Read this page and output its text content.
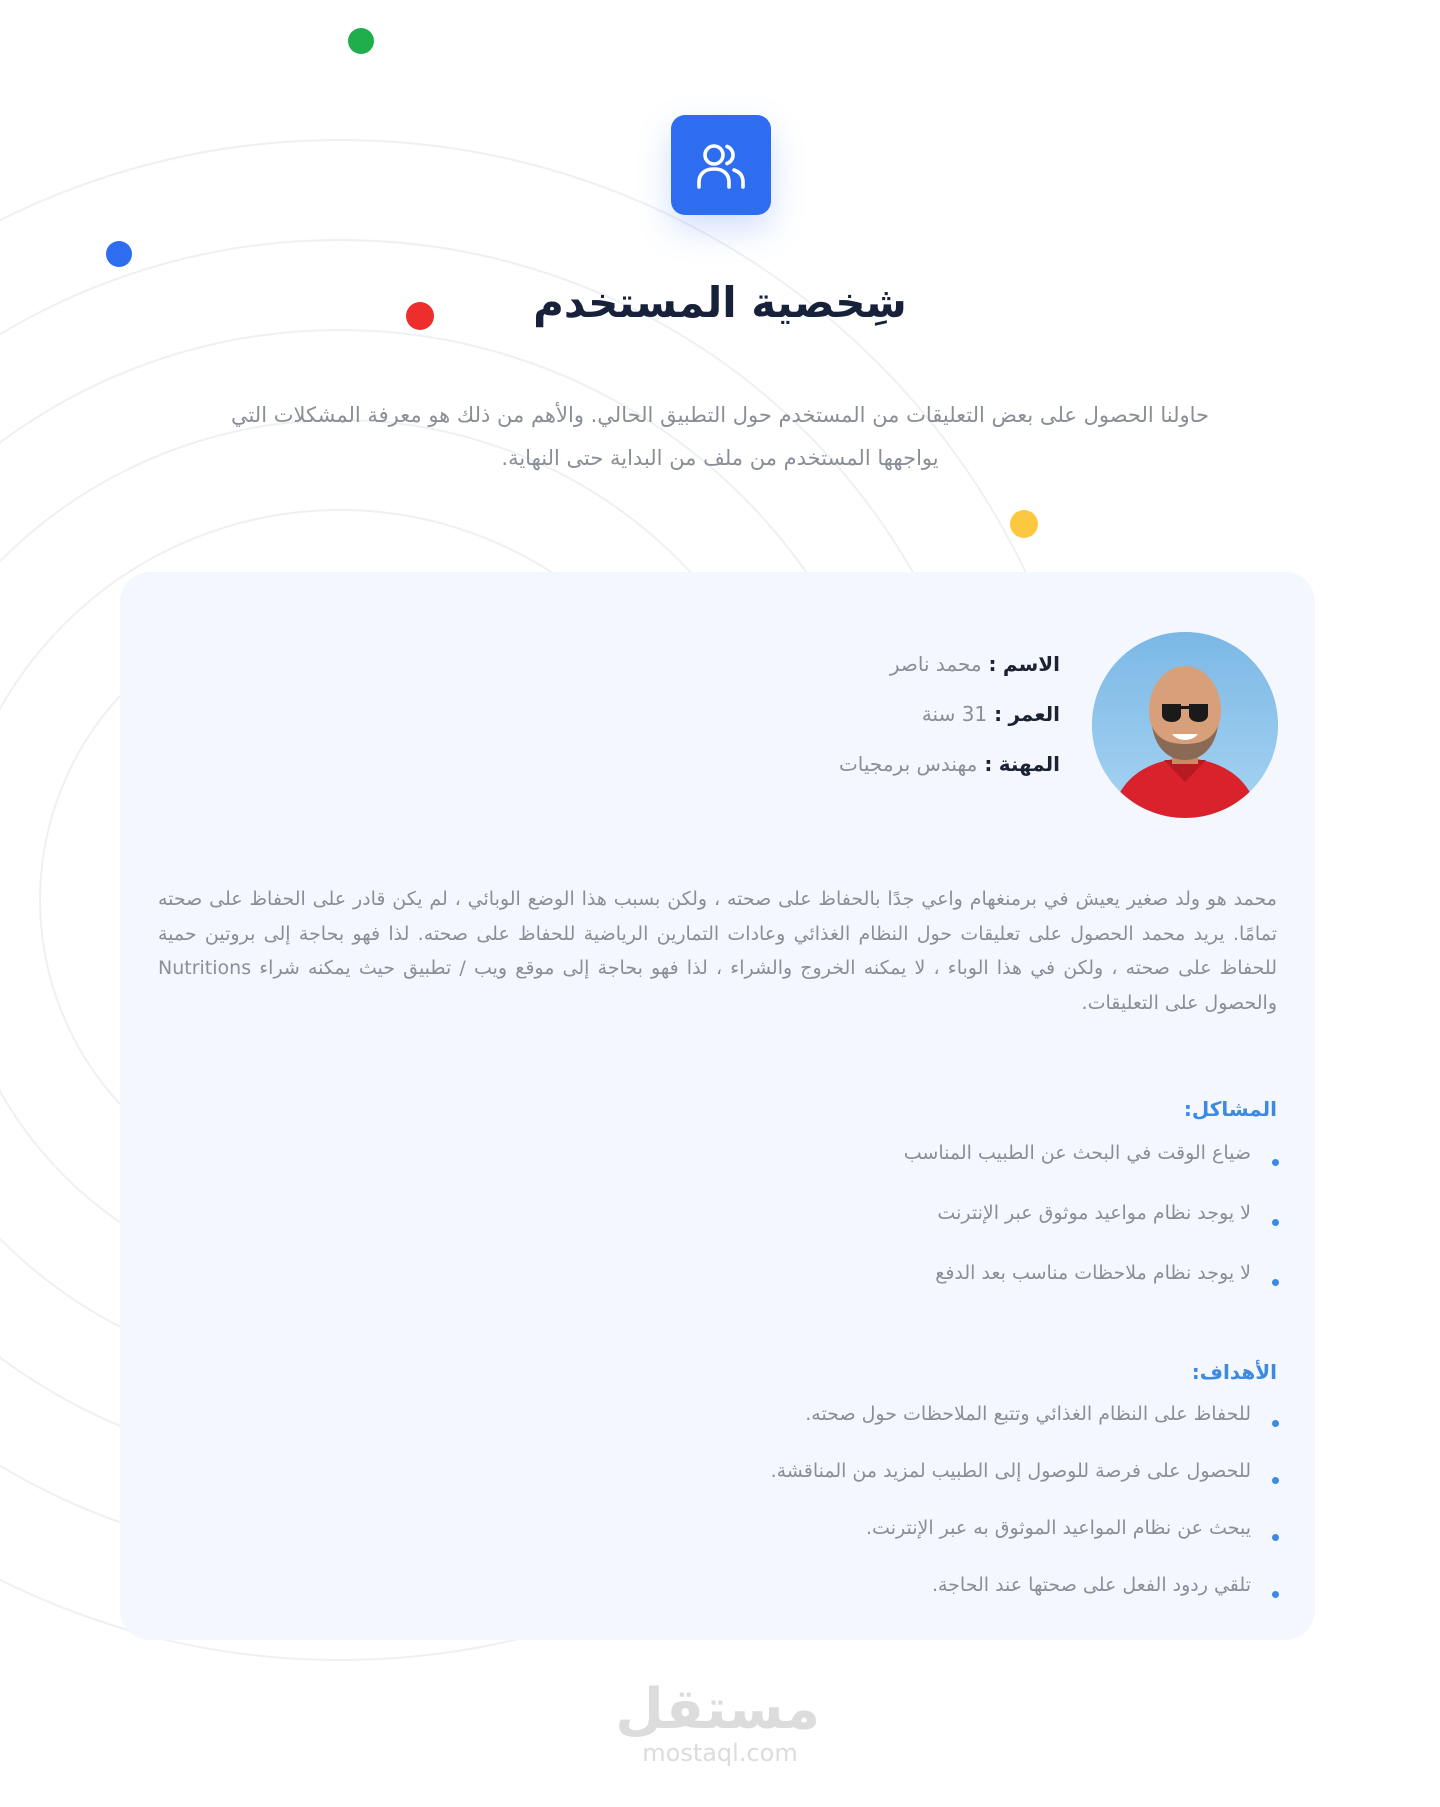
شِخصية المستخدم
حاولنا الحصول على بعض التعليقات من المستخدم حول التطبيق الحالي. والأهم من ذلك هو معرفة المشكلات التي
يواجهها المستخدم من ملف من البداية حتى النهاية.
الاسم : محمد ناصر
العمر : 31 سنة
المهنة : مهندس برمجيات

محمد هو ولد صغير يعيش في برمنغهام واعي جدًا بالحفاظ على صحته ، ولكن بسبب هذا الوضع الوبائي ، لم يكن قادر على الحفاظ على صحته تمامًا. يريد محمد الحصول على تعليقات حول النظام الغذائي وعادات التمارين الرياضية للحفاظ على صحته. لذا فهو بحاجة إلى بروتين حمية للحفاظ على صحته ، ولكن في هذا الوباء ، لا يمكنه الخروج والشراء ، لذا فهو بحاجة إلى موقع ويب / تطبيق حيث يمكنه شراء Nutritions والحصول على التعليقات.

المشاكل:
ضياع الوقت في البحث عن الطبيب المناسب
لا يوجد نظام مواعيد موثوق عبر الإنترنت
لا يوجد نظام ملاحظات مناسب بعد الدفع
الأهداف:
للحفاظ على النظام الغذائي وتتبع الملاحظات حول صحته.
للحصول على فرصة للوصول إلى الطبيب لمزيد من المناقشة.
يبحث عن نظام المواعيد الموثوق به عبر الإنترنت.
تلقي ردود الفعل على صحتها عند الحاجة.
مستقل
mostaql.com
